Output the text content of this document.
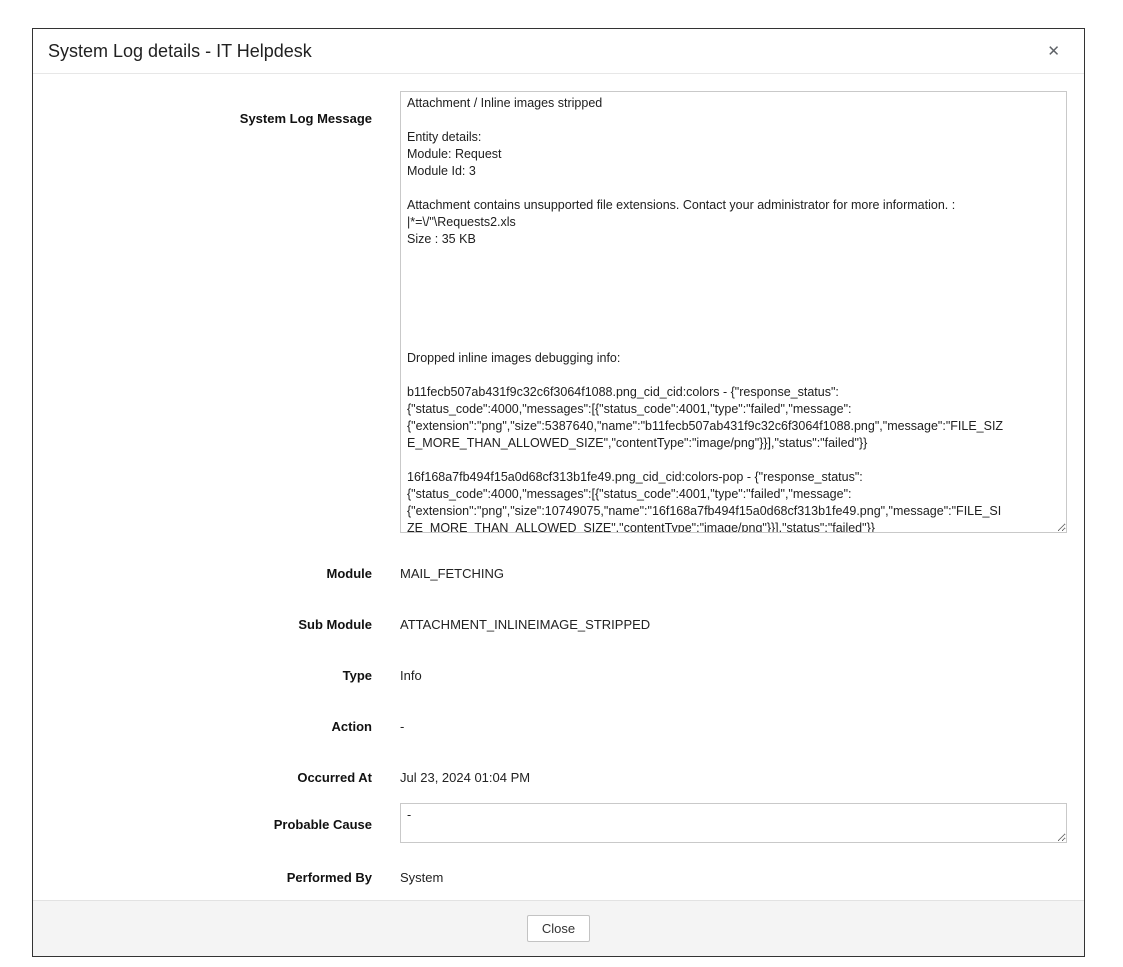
System Log details - IT Helpdesk	✕
System Log Message
Attachment / Inline images stripped Entity details: Module: Request Module Id: 3 Attachment contains unsupported file extensions. Contact your administrator for more information. : |*=\/"\Requests2.xls Size : 35 KB Dropped inline images debugging info: b11fecb507ab431f9c32c6f3064f1088.png_cid_cid:colors - {"response_status": {"status_code":4000,"messages":[{"status_code":4001,"type":"failed","message": {"extension":"png","size":5387640,"name":"b11fecb507ab431f9c32c6f3064f1088.png","message":"FILE_SIZ E_MORE_THAN_ALLOWED_SIZE","contentType":"image/png"}}],"status":"failed"}} 16f168a7fb494f15a0d68cf313b1fe49.png_cid_cid:colors-pop - {"response_status": {"status_code":4000,"messages":[{"status_code":4001,"type":"failed","message": {"extension":"png","size":10749075,"name":"16f168a7fb494f15a0d68cf313b1fe49.png","message":"FILE_SI ZE_MORE_THAN_ALLOWED_SIZE","contentType":"image/png"}}],"status":"failed"}}
Module MAIL_FETCHING
Sub Module ATTACHMENT_INLINEIMAGE_STRIPPED
Type Info
Action -
Occurred At Jul 23, 2024 01:04 PM
Probable Cause
-
Performed By System
Close
